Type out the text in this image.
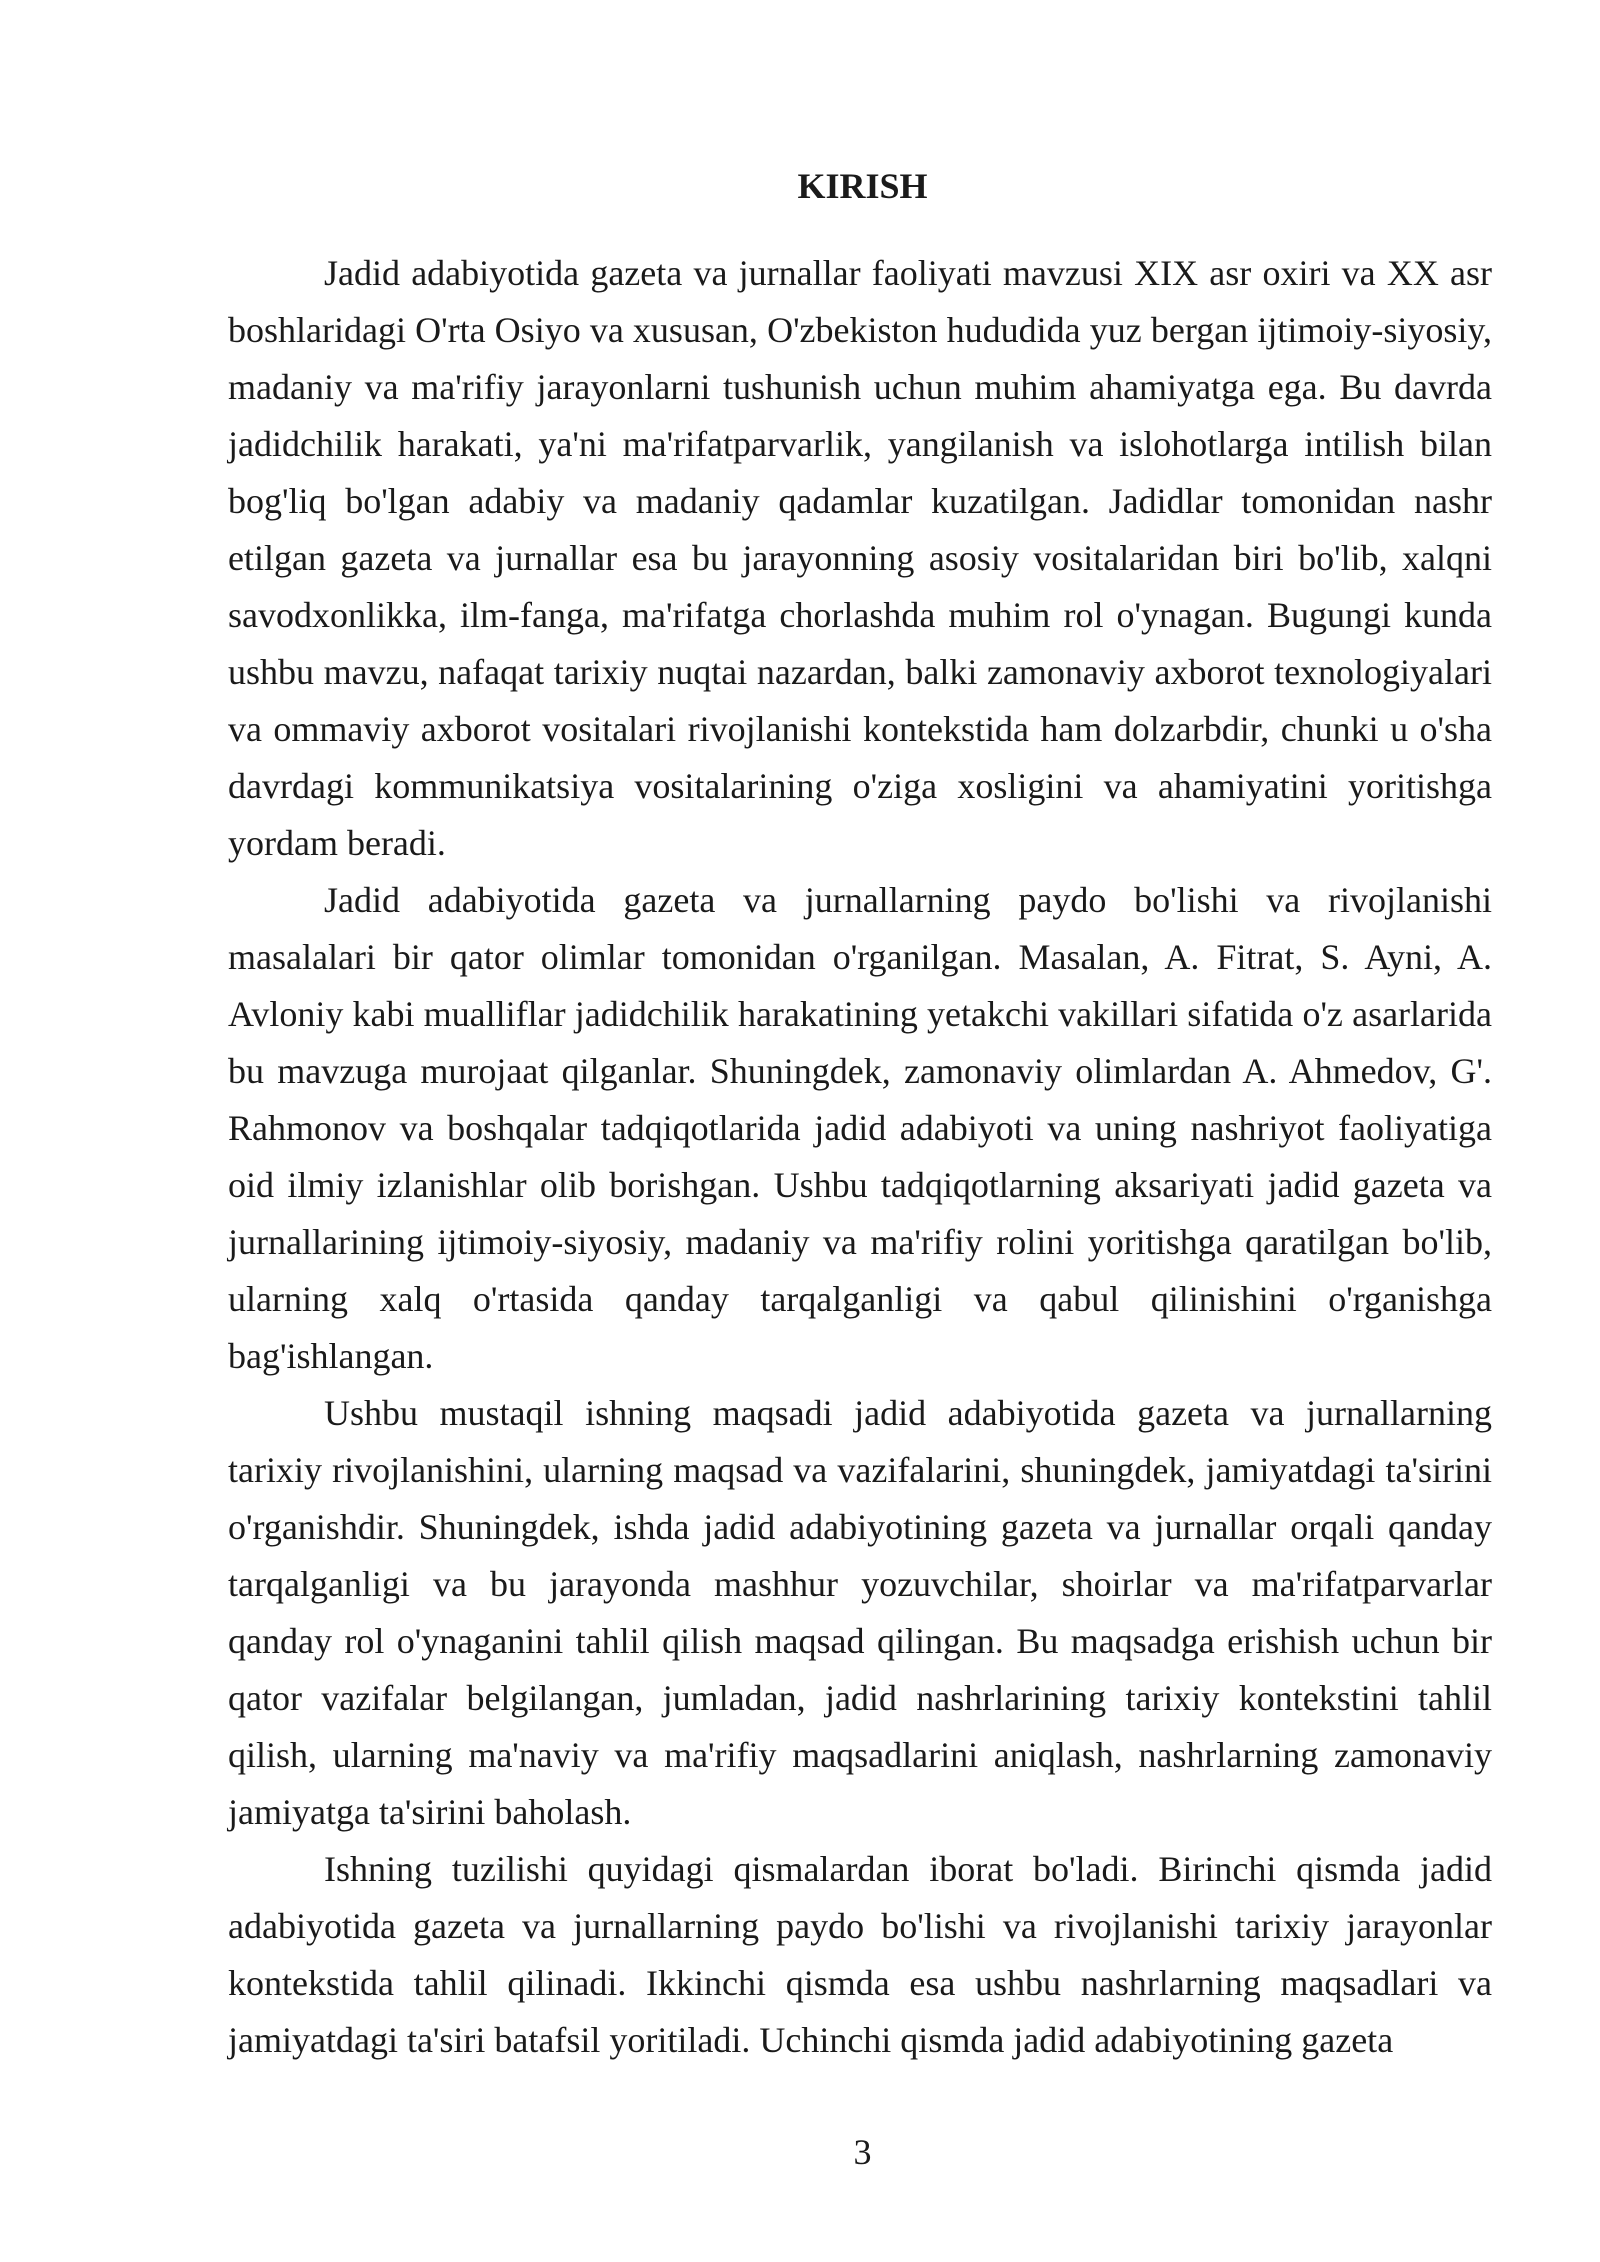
KIRISH

Jadid adabiyotida gazeta va jurnallar faoliyati mavzusi XIX asr oxiri va XX asr boshlaridagi O'rta Osiyo va xususan, O'zbekiston hududida yuz bergan ijtimoiy-siyosiy, madaniy va ma'rifiy jarayonlarni tushunish uchun muhim ahamiyatga ega. Bu davrda jadidchilik harakati, ya'ni ma'rifatparvarlik, yangilanish va islohotlarga intilish bilan bog'liq bo'lgan adabiy va madaniy qadamlar kuzatilgan. Jadidlar tomonidan nashr etilgan gazeta va jurnallar esa bu jarayonning asosiy vositalaridan biri bo'lib, xalqni savodxonlikka, ilm-fanga, ma'rifatga chorlashda muhim rol o'ynagan. Bugungi kunda ushbu mavzu, nafaqat tarixiy nuqtai nazardan, balki zamonaviy axborot texnologiyalari va ommaviy axborot vositalari rivojlanishi kontekstida ham dolzarbdir, chunki u o'sha davrdagi kommunikatsiya vositalarining o'ziga xosligini va ahamiyatini yoritishga yordam beradi.

Jadid adabiyotida gazeta va jurnallarning paydo bo'lishi va rivojlanishi masalalari bir qator olimlar tomonidan o'rganilgan. Masalan, A. Fitrat, S. Ayni, A. Avloniy kabi mualliflar jadidchilik harakatining yetakchi vakillari sifatida o'z asarlarida bu mavzuga murojaat qilganlar. Shuningdek, zamonaviy olimlardan A. Ahmedov, G'. Rahmonov va boshqalar tadqiqotlarida jadid adabiyoti va uning nashriyot faoliyatiga oid ilmiy izlanishlar olib borishgan. Ushbu tadqiqotlarning aksariyati jadid gazeta va jurnallarining ijtimoiy-siyosiy, madaniy va ma'rifiy rolini yoritishga qaratilgan bo'lib, ularning xalq o'rtasida qanday tarqalganligi va qabul qilinishini o'rganishga bag'ishlangan.

Ushbu mustaqil ishning maqsadi jadid adabiyotida gazeta va jurnallarning tarixiy rivojlanishini, ularning maqsad va vazifalarini, shuningdek, jamiyatdagi ta'sirini o'rganishdir. Shuningdek, ishda jadid adabiyotining gazeta va jurnallar orqali qanday tarqalganligi va bu jarayonda mashhur yozuvchilar, shoirlar va ma'rifatparvarlar qanday rol o'ynaganini tahlil qilish maqsad qilingan. Bu maqsadga erishish uchun bir qator vazifalar belgilangan, jumladan, jadid nashrlarining tarixiy kontekstini tahlil qilish, ularning ma'naviy va ma'rifiy maqsadlarini aniqlash, nashrlarning zamonaviy jamiyatga ta'sirini baholash.

Ishning tuzilishi quyidagi qismalardan iborat bo'ladi. Birinchi qismda jadid adabiyotida gazeta va jurnallarning paydo bo'lishi va rivojlanishi tarixiy jarayonlar kontekstida tahlil qilinadi. Ikkinchi qismda esa ushbu nashrlarning maqsadlari va jamiyatdagi ta'siri batafsil yoritiladi. Uchinchi qismda jadid adabiyotining gazeta

3
